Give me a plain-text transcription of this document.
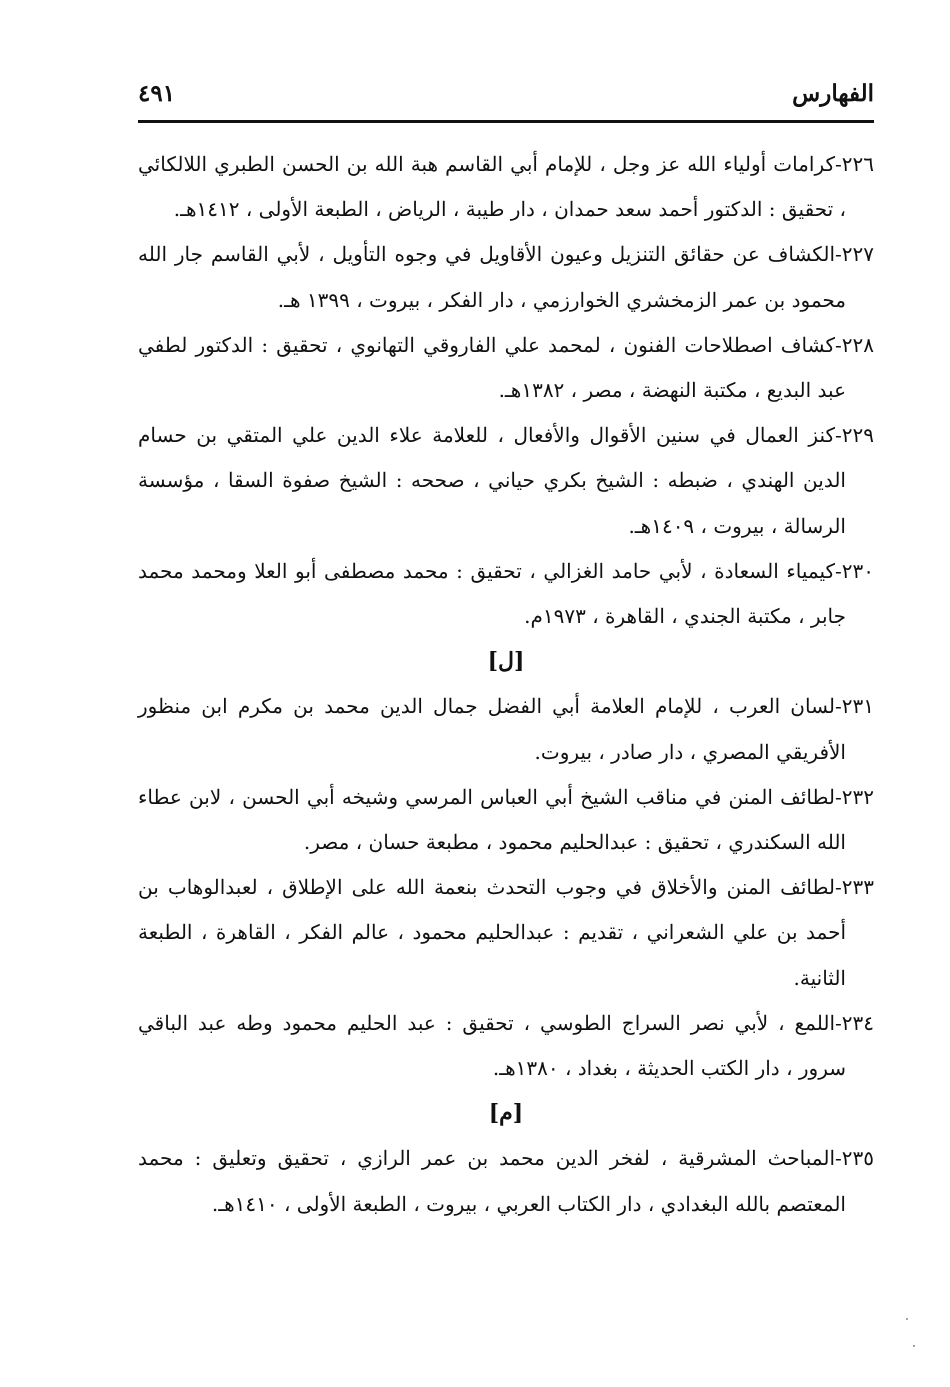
الفهارس
٤٩١

٢٢٦-كرامات أولياء الله عز وجل ، للإمام أبي القاسم هبة الله بن الحسن الطبري اللالكائي ، تحقيق : الدكتور أحمد سعد حمدان ، دار طيبة ، الرياض ، الطبعة الأولى ، ١٤١٢هـ.

٢٢٧-الكشاف عن حقائق التنزيل وعيون الأقاويل في وجوه التأويل ، لأبي القاسم جار الله محمود بن عمر الزمخشري الخوارزمي ، دار الفكر ، بيروت ، ١٣٩٩ هـ.

٢٢٨-كشاف اصطلاحات الفنون ، لمحمد علي الفاروقي التهانوي ، تحقيق : الدكتور لطفي عبد البديع ، مكتبة النهضة ، مصر ، ١٣٨٢هـ.

٢٢٩-كنز العمال في سنين الأقوال والأفعال ، للعلامة علاء الدين علي المتقي بن حسام الدين الهندي ، ضبطه : الشيخ بكري حياني ، صححه : الشيخ صفوة السقا ، مؤسسة الرسالة ، بيروت ، ١٤٠٩هـ.

٢٣٠-كيمياء السعادة ، لأبي حامد الغزالي ، تحقيق : محمد مصطفى أبو العلا ومحمد محمد جابر ، مكتبة الجندي ، القاهرة ، ١٩٧٣م.

[ل]

٢٣١-لسان العرب ، للإمام العلامة أبي الفضل جمال الدين محمد بن مكرم ابن منظور الأفريقي المصري ، دار صادر ، بيروت.

٢٣٢-لطائف المنن في مناقب الشيخ أبي العباس المرسي وشيخه أبي الحسن ، لابن عطاء الله السكندري ، تحقيق : عبدالحليم محمود ، مطبعة حسان ، مصر.

٢٣٣-لطائف المنن والأخلاق في وجوب التحدث بنعمة الله على الإطلاق ، لعبدالوهاب بن أحمد بن علي الشعراني ، تقديم : عبدالحليم محمود ، عالم الفكر ، القاهرة ، الطبعة الثانية.

٢٣٤-اللمع ، لأبي نصر السراج الطوسي ، تحقيق : عبد الحليم محمود وطه عبد الباقي سرور ، دار الكتب الحديثة ، بغداد ، ١٣٨٠هـ.

[م]

٢٣٥-المباحث المشرقية ، لفخر الدين محمد بن عمر الرازي ، تحقيق وتعليق : محمد المعتصم بالله البغدادي ، دار الكتاب العربي ، بيروت ، الطبعة الأولى ، ١٤١٠هـ.
